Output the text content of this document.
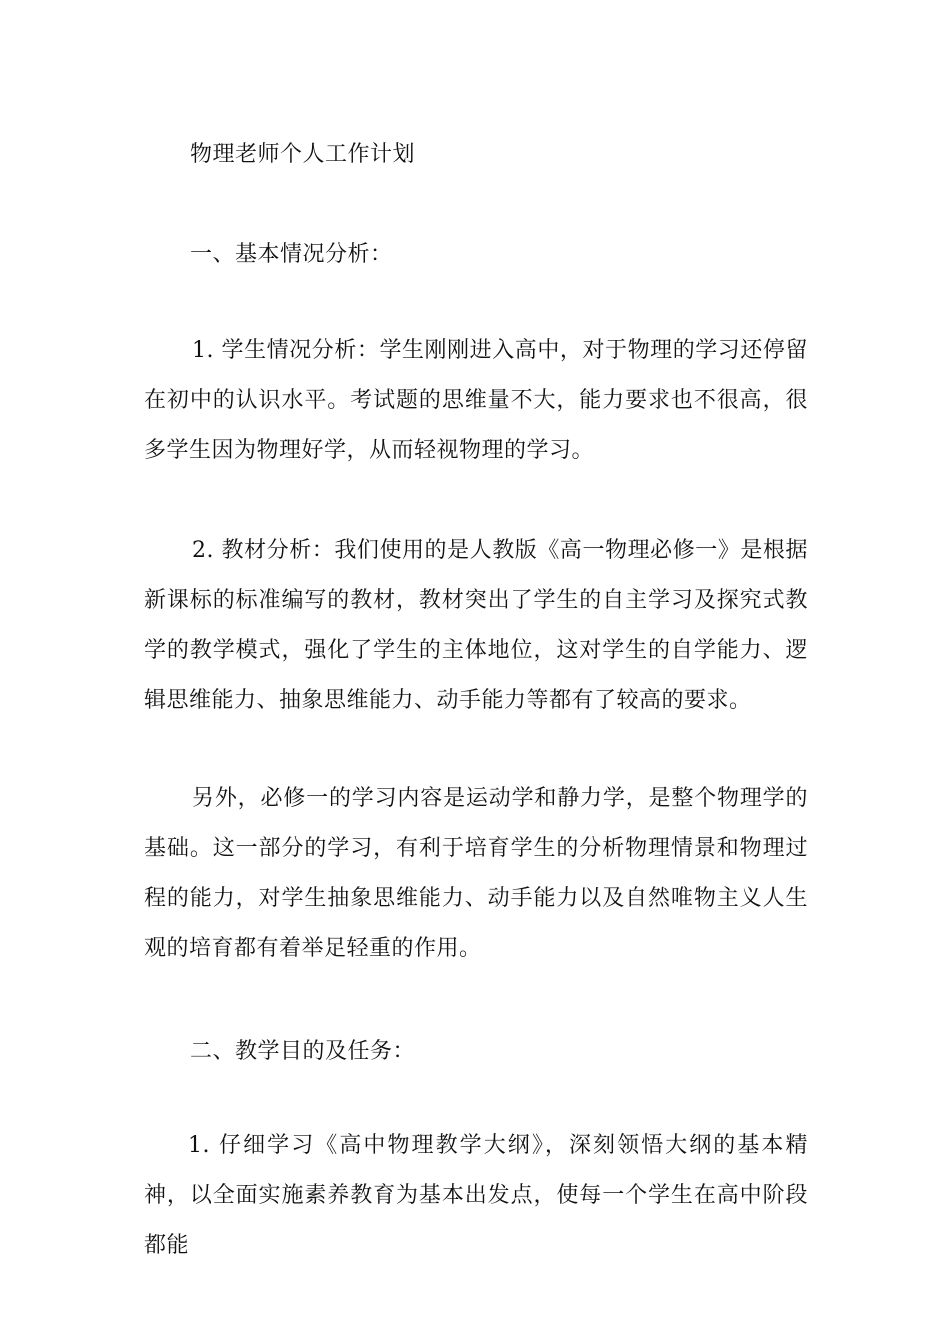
物理老师个人工作计划
一、基本情况分析：
1. 学生情况分析：学生刚刚进入高中，对于物理的学习还停留在初中的认识水平。考试题的思维量不大，能力要求也不很高，很多学生因为物理好学，从而轻视物理的学习。
2. 教材分析：我们使用的是人教版《高一物理必修一》是根据新课标的标准编写的教材，教材突出了学生的自主学习及探究式教学的教学模式，强化了学生的主体地位，这对学生的自学能力、逻辑思维能力、抽象思维能力、动手能力等都有了较高的要求。
另外，必修一的学习内容是运动学和静力学，是整个物理学的基础。这一部分的学习，有利于培育学生的分析物理情景和物理过程的能力，对学生抽象思维能力、动手能力以及自然唯物主义人生观的培育都有着举足轻重的作用。
二、教学目的及任务：
1. 仔细学习《高中物理教学大纲》，深刻领悟大纲的基本精神，以全面实施素养教育为基本出发点，使每一个学生在高中阶段都能
